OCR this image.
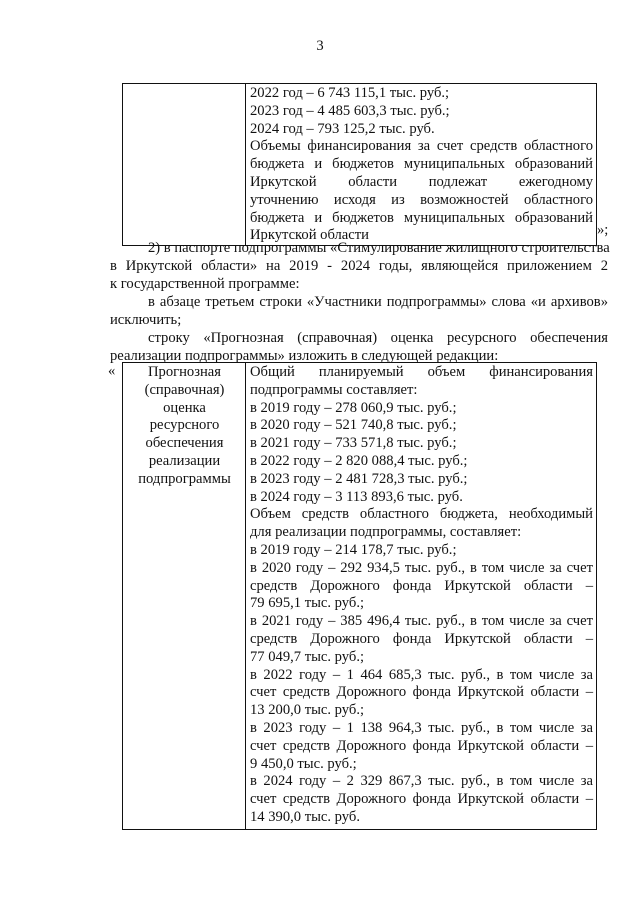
3

2022 год – 6 743 115,1 тыс. руб.;
2023 год – 4 485 603,3 тыс. руб.;
2024 год – 793 125,2 тыс. руб.
Объемы финансирования за счет средств областного
бюджета и бюджетов муниципальных образований
Иркутской области подлежат ежегодному
уточнению исходя из возможностей областного
бюджета и бюджетов муниципальных образований
Иркутской области	»;
2) в паспорте подпрограммы «Стимулирование жилищного строительства
в Иркутской области» на 2019 - 2024 годы, являющейся приложением 2
к государственной программе:
в абзаце третьем строки «Участники подпрограммы» слова «и архивов»
исключить;
строку «Прогнозная (справочная) оценка ресурсного обеспечения
реализации подпрограммы» изложить в следующей редакции:
«	Прогнозная
(справочная)
оценка
ресурсного
обеспечения
реализации
подпрограммы

Общий планируемый объем финансирования
подпрограммы составляет:
в 2019 году – 278 060,9 тыс. руб.;
в 2020 году – 521 740,8 тыс. руб.;
в 2021 году – 733 571,8 тыс. руб.;
в 2022 году – 2 820 088,4 тыс. руб.;
в 2023 году – 2 481 728,3 тыс. руб.;
в 2024 году – 3 113 893,6 тыс. руб.
Объем средств областного бюджета, необходимый
для реализации подпрограммы, составляет:
в 2019 году – 214 178,7 тыс. руб.;
в 2020 году – 292 934,5 тыс. руб., в том числе за счет
средств Дорожного фонда Иркутской области –
79 695,1 тыс. руб.;
в 2021 году – 385 496,4 тыс. руб., в том числе за счет
средств Дорожного фонда Иркутской области –
77 049,7 тыс. руб.;
в 2022 году – 1 464 685,3 тыс. руб., в том числе за
счет средств Дорожного фонда Иркутской области –
13 200,0 тыс. руб.;
в 2023 году – 1 138 964,3 тыс. руб., в том числе за
счет средств Дорожного фонда Иркутской области –
9 450,0 тыс. руб.;
в 2024 году – 2 329 867,3 тыс. руб., в том числе за
счет средств Дорожного фонда Иркутской области –
14 390,0 тыс. руб.
